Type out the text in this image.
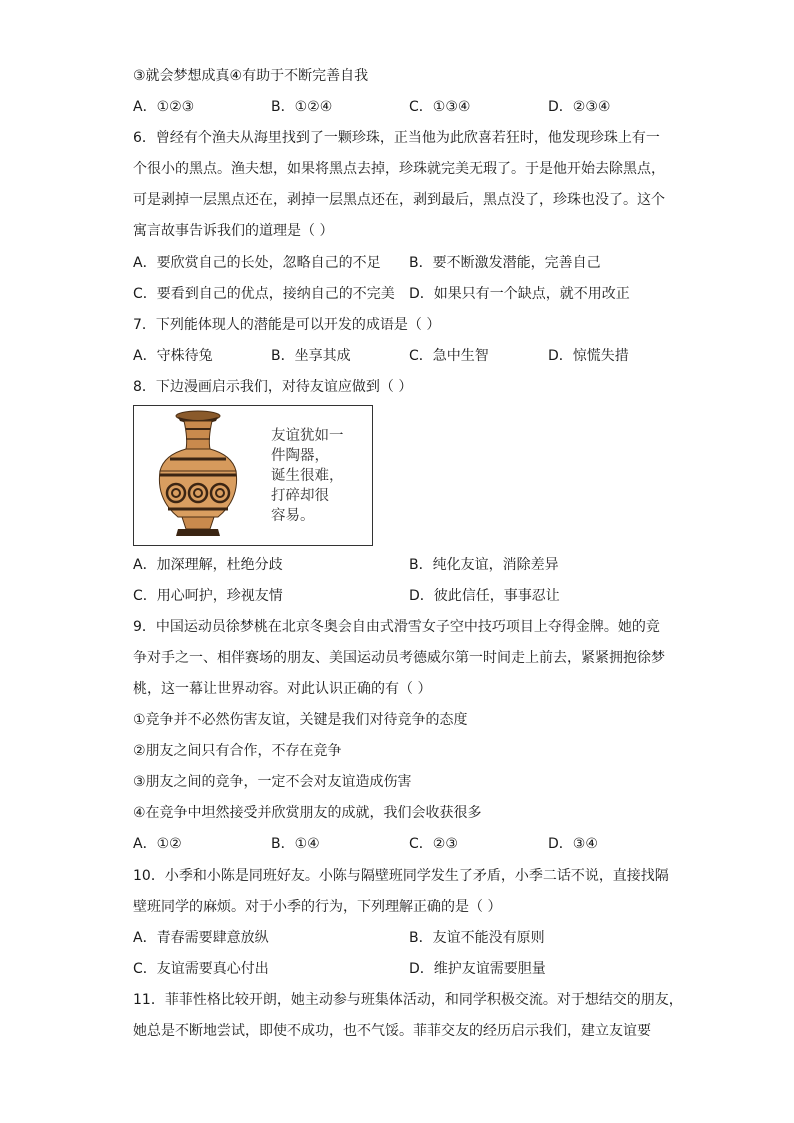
③就会梦想成真④有助于不断完善自我
A．①②③	B．①②④	C．①③④	D．②③④
6．曾经有个渔夫从海里找到了一颗珍珠，正当他为此欣喜若狂时，他发现珍珠上有一
个很小的黑点。渔夫想，如果将黑点去掉，珍珠就完美无瑕了。于是他开始去除黑点，
可是剥掉一层黑点还在，剥掉一层黑点还在，剥到最后，黑点没了，珍珠也没了。这个
寓言故事告诉我们的道理是（ ）
A．要欣赏自己的长处，忽略自己的不足 B．要不断激发潜能，完善自己
C．要看到自己的优点，接纳自己的不完美 D．如果只有一个缺点，就不用改正
7．下列能体现人的潜能是可以开发的成语是（ ）
A．守株待兔	B．坐享其成	C．急中生智	D．惊慌失措
8．下边漫画启示我们，对待友谊应做到（ ）
友谊犹如一
件陶器，
诞生很难，
打碎却很
容易。
A．加深理解，杜绝分歧	B．纯化友谊，消除差异
C．用心呵护，珍视友情	D．彼此信任，事事忍让
9．中国运动员徐梦桃在北京冬奥会自由式滑雪女子空中技巧项目上夺得金牌。她的竞
争对手之一、相伴赛场的朋友、美国运动员考德威尔第一时间走上前去，紧紧拥抱徐梦
桃，这一幕让世界动容。对此认识正确的有（ ）
①竞争并不必然伤害友谊，关键是我们对待竞争的态度
②朋友之间只有合作，不存在竞争
③朋友之间的竞争，一定不会对友谊造成伤害
④在竞争中坦然接受并欣赏朋友的成就，我们会收获很多
A．①②	B．①④	C．②③	D．③④
10．小季和小陈是同班好友。小陈与隔壁班同学发生了矛盾，小季二话不说，直接找隔
壁班同学的麻烦。对于小季的行为，下列理解正确的是（ ）
A．青春需要肆意放纵	B．友谊不能没有原则
C．友谊需要真心付出	D．维护友谊需要胆量
11．菲菲性格比较开朗，她主动参与班集体活动，和同学积极交流。对于想结交的朋友，
她总是不断地尝试，即使不成功，也不气馁。菲菲交友的经历启示我们，建立友谊要
